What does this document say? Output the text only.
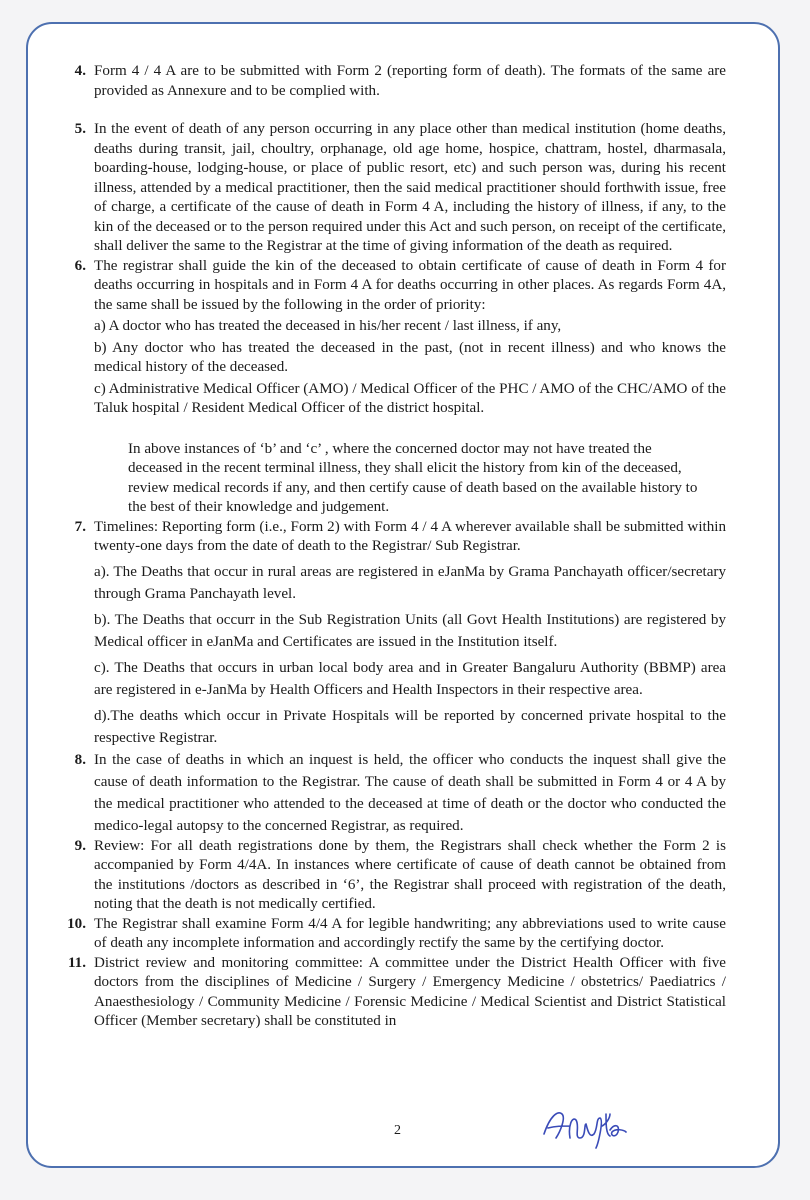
4. Form 4 / 4 A are to be submitted with Form 2 (reporting form of death). The formats of the same are provided as Annexure and to be complied with.
5. In the event of death of any person occurring in any place other than medical institution (home deaths, deaths during transit, jail, choultry, orphanage, old age home, hospice, chattram, hostel, dharmasala, boarding-house, lodging-house, or place of public resort, etc) and such person was, during his recent illness, attended by a medical practitioner, then the said medical practitioner should forthwith issue, free of charge, a certificate of the cause of death in Form 4 A, including the history of illness, if any, to the kin of the deceased or to the person required under this Act and such person, on receipt of the certificate, shall deliver the same to the Registrar at the time of giving information of the death as required.
6. The registrar shall guide the kin of the deceased to obtain certificate of cause of death in Form 4 for deaths occurring in hospitals and in Form 4 A for deaths occurring in other places. As regards Form 4A, the same shall be issued by the following in the order of priority:
a) A doctor who has treated the deceased in his/her recent / last illness, if any,
b) Any doctor who has treated the deceased in the past, (not in recent illness) and who knows the medical history of the deceased.
c) Administrative Medical Officer (AMO) / Medical Officer of the PHC / AMO of the CHC/AMO of the Taluk hospital / Resident Medical Officer of the district hospital.
In above instances of ‘b’ and ‘c’ , where the concerned doctor may not have treated the deceased in the recent terminal illness, they shall elicit the history from kin of the deceased, review medical records if any, and then certify cause of death based on the available history to the best of their knowledge and judgement.
7. Timelines: Reporting form (i.e., Form 2) with Form 4 / 4 A wherever available shall be submitted within twenty-one days from the date of death to the Registrar/ Sub Registrar.
a). The Deaths that occur in rural areas are registered in eJanMa by Grama Panchayath officer/secretary through Grama Panchayath level.
b). The Deaths that occurr in the Sub Registration Units (all Govt Health Institutions) are registered by Medical officer in eJanMa and Certificates are issued in the Institution itself.
c). The Deaths that occurs in urban local body area and in Greater Bangaluru Authority (BBMP) area are registered in e-JanMa by Health Officers and Health Inspectors in their respective area.
d).The deaths which occur in Private Hospitals will be reported by concerned private hospital to the respective Registrar.
8. In the case of deaths in which an inquest is held, the officer who conducts the inquest shall give the cause of death information to the Registrar. The cause of death shall be submitted in Form 4 or 4 A by the medical practitioner who attended to the deceased at time of death or the doctor who conducted the medico-legal autopsy to the concerned Registrar, as required.
9. Review: For all death registrations done by them, the Registrars shall check whether the Form 2 is accompanied by Form 4/4A. In instances where certificate of cause of death cannot be obtained from the institutions /doctors as described in ‘6’, the Registrar shall proceed with registration of the death, noting that the death is not medically certified.
10. The Registrar shall examine Form 4/4 A for legible handwriting; any abbreviations used to write cause of death any incomplete information and accordingly rectify the same by the certifying doctor.
11. District review and monitoring committee: A committee under the District Health Officer with five doctors from the disciplines of Medicine / Surgery / Emergency Medicine / obstetrics/ Paediatrics / Anaesthesiology / Community Medicine / Forensic Medicine / Medical Scientist and District Statistical Officer (Member secretary) shall be constituted in
2
